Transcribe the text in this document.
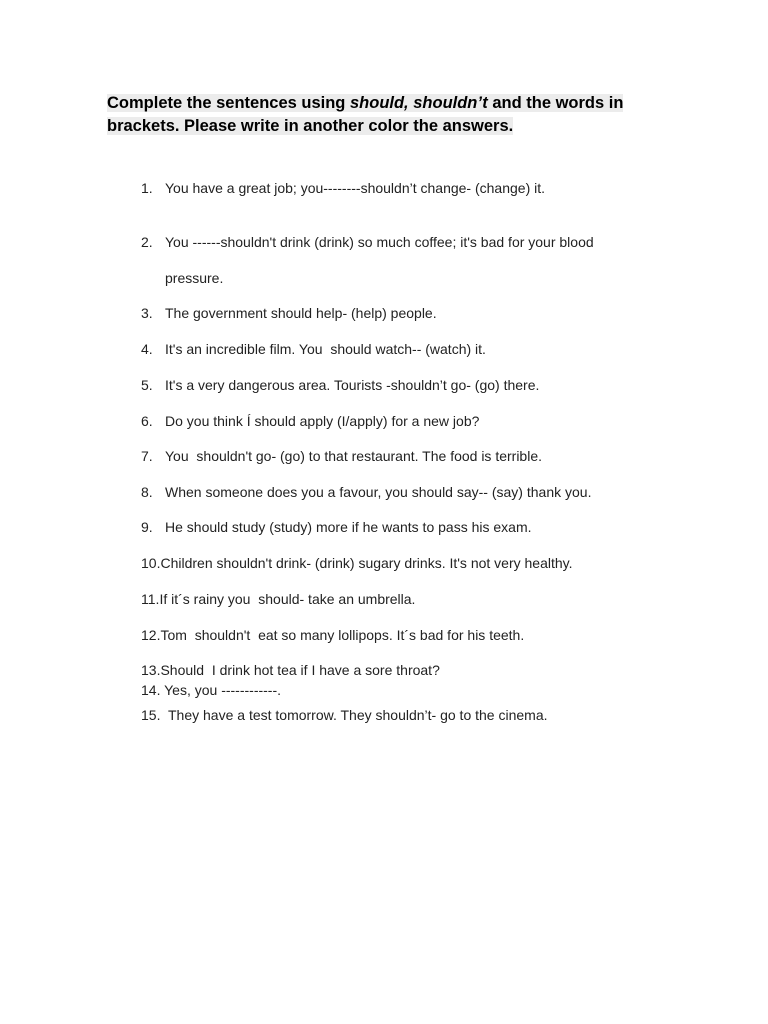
Complete the sentences using should, shouldn’t and the words in
brackets. Please write in another color the answers.
1. You have a great job; you--------shouldn’t change- (change) it.
2. You ------shouldn't drink (drink) so much coffee; it's bad for your blood
pressure.
3. The government should help- (help) people.
4. It's an incredible film. You  should watch-- (watch) it.
5. It's a very dangerous area. Tourists -shouldn’t go- (go) there.
6. Do you think Í should apply (I/apply) for a new job?
7. You  shouldn't go- (go) to that restaurant. The food is terrible.
8. When someone does you a favour, you should say-- (say) thank you.
9. He should study (study) more if he wants to pass his exam.
10.Children shouldn't drink- (drink) sugary drinks. It's not very healthy.
11.If it´s rainy you  should- take an umbrella.
12.Tom  shouldn't  eat so many lollipops. It´s bad for his teeth.
13.Should  I drink hot tea if I have a sore throat?
14. Yes, you ------------.
15. They have a test tomorrow. They shouldn’t- go to the cinema.
